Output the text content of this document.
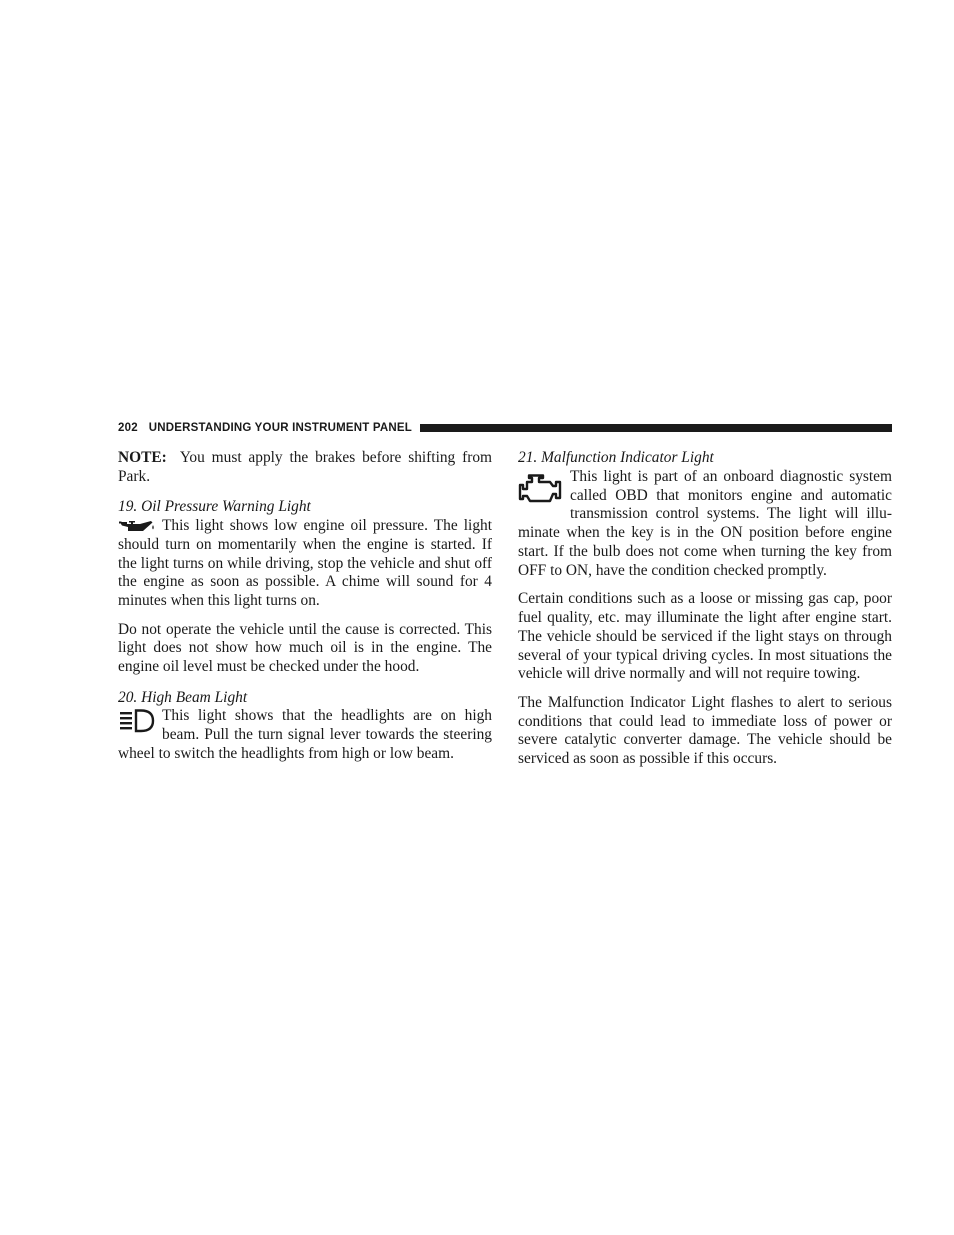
202 UNDERSTANDING YOUR INSTRUMENT PANEL

NOTE: You must apply the brakes before shifting from Park.

19. Oil Pressure Warning Light

This light shows low engine oil pressure. The light should turn on momentarily when the engine is started. If the light turns on while driving, stop the vehicle and shut off the engine as soon as possible. A chime will sound for 4 minutes when this light turns on.

Do not operate the vehicle until the cause is corrected. This light does not show how much oil is in the engine. The engine oil level must be checked under the hood.

20. High Beam Light

This light shows that the headlights are on high beam. Pull the turn signal lever towards the steering wheel to switch the headlights from high or low beam.

21. Malfunction Indicator Light

This light is part of an onboard diagnostic system called OBD that monitors engine and automatic transmission control systems. The light will illu-minate when the key is in the ON position before engine start. If the bulb does not come when turning the key from OFF to ON, have the condition checked promptly.

Certain conditions such as a loose or missing gas cap, poor fuel quality, etc. may illuminate the light after engine start. The vehicle should be serviced if the light stays on through several of your typical driving cycles. In most situations the vehicle will drive normally and will not require towing.

The Malfunction Indicator Light flashes to alert to serious conditions that could lead to immediate loss of power or severe catalytic converter damage. The vehicle should be serviced as soon as possible if this occurs.
